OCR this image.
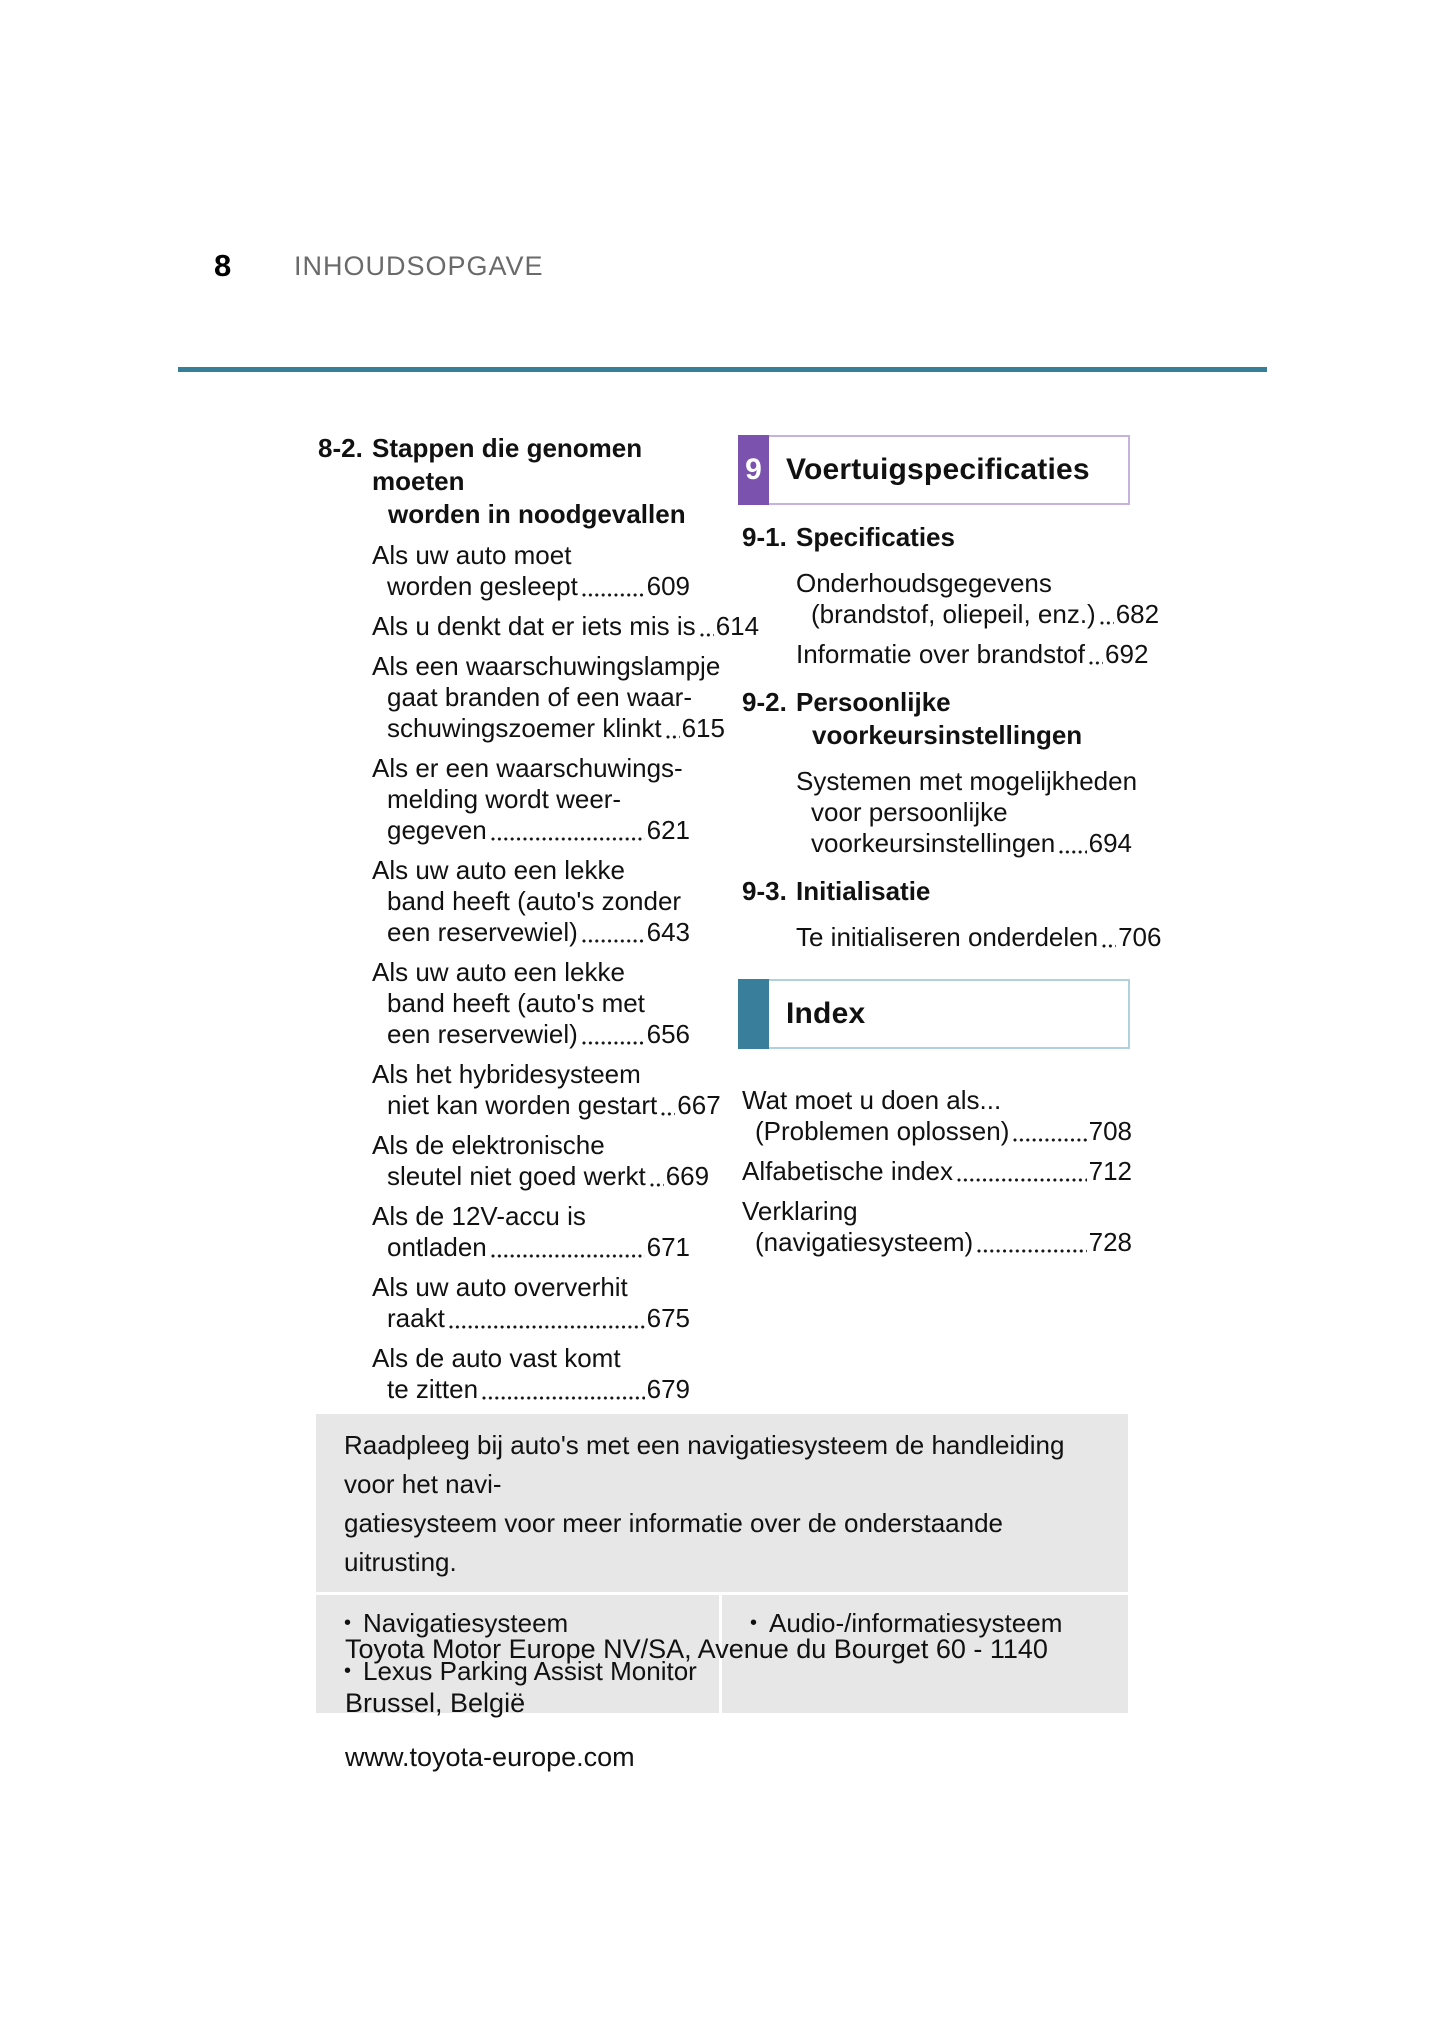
8 INHOUDSOPGAVE
8-2. Stappen die genomen moeten
worden in noodgevallen
Als uw auto moet
worden gesleept	609
Als u denkt dat er iets mis is 614
Als een waarschuwingslampje
gaat branden of een waar-
schuwingszoemer klinkt 615
Als er een waarschuwings-
melding wordt weer-
gegeven	621
Als uw auto een lekke
band heeft (auto's zonder
een reservewiel)	643
Als uw auto een lekke
band heeft (auto's met
een reservewiel)	656
Als het hybridesysteem
niet kan worden gestart 667
Als de elektronische
sleutel niet goed werkt 669
Als de 12V-accu is
ontladen	671
Als uw auto oververhit
raakt	675
Als de auto vast komt
te zitten	679
9 Voertuigspecificaties
9-1. Specificaties
Onderhoudsgegevens
(brandstof, oliepeil, enz.) 682
Informatie over brandstof 692
9-2. Persoonlijke
voorkeursinstellingen
Systemen met mogelijkheden
voor persoonlijke
voorkeursinstellingen 694
9-3. Initialisatie
Te initialiseren onderdelen 706
Index
Wat moet u doen als...
(Problemen oplossen)	708
Alfabetische index	712
Verklaring
(navigatiesysteem)	728
Raadpleeg bij auto's met een navigatiesysteem de handleiding voor het navi-
gatiesysteem voor meer informatie over de onderstaande uitrusting.
• Navigatiesysteem
• Lexus Parking Assist Monitor
• Audio-/informatiesysteem
Toyota Motor Europe NV/SA, Avenue du Bourget 60 - 1140 Brussel, België
www.toyota-europe.com
